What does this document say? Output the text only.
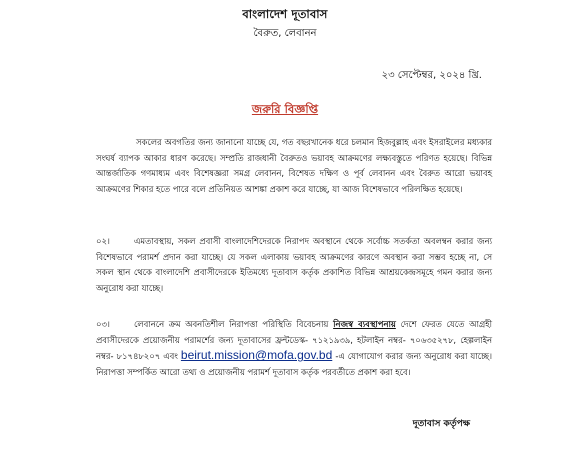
বাংলাদেশ দূতাবাস
বৈরুত, লেবানন
২৩ সেপ্টেম্বর, ২০২৪ খ্রি.
জরুরি বিজ্ঞপ্তি

সকলের অবগতির জন্য জানানো যাচ্ছে যে, গত বছরখানেক ধরে চলমান হিজবুল্লাহ এবং ইসরাইলের মধ্যকার সংঘর্ষ ব্যাপক আকার ধারণ করেছে। সম্প্রতি রাজধানী বৈরুতও ভয়াবহ আক্রমণের লক্ষ্যবস্তুতে পরিণত হয়েছে। বিভিন্ন আন্তর্জাতিক গণমাধ্যম এবং বিশেষজ্ঞরা সমগ্র লেবানন, বিশেষত দক্ষিণ ও পূর্ব লেবানন এবং বৈরুত আরো ভয়াবহ আক্রমণের শিকার হতে পারে বলে প্রতিনিয়ত আশঙ্কা প্রকাশ করে যাচ্ছে, যা আজ বিশেষভাবে পরিলক্ষিত হয়েছে।

০২।	এমতাবস্থায়, সকল প্রবাসী বাংলাদেশিদেরকে নিরাপদ অবস্থানে থেকে সর্বোচ্চ সতর্কতা অবলম্বন করার জন্য বিশেষভাবে পরামর্শ প্রদান করা যাচ্ছে। যে সকল এলাকায় ভয়াবহ আক্রমণের কারণে অবস্থান করা সম্ভব হচ্ছে না, সে সকল স্থান থেকে বাংলাদেশি প্রবাসীদেরকে ইতিমধ্যে দূতাবাস কর্তৃক প্রকাশিত বিভিন্ন আশ্রয়কেন্দ্রসমূহে গমন করার জন্য অনুরোধ করা যাচ্ছে।

০৩।	লেবাননে ক্রম অবনতিশীল নিরাপত্তা পরিস্থিতি বিবেচনায় নিজস্ব ব্যবস্থাপনায় দেশে ফেরত যেতে আগ্রহী প্রবাসীদেরকে প্রয়োজনীয় পরামর্শের জন্য দূতাবাসের ফ্রন্টডেস্ক- ৭১২১৯৩৯, হটলাইন নম্বর- ৭০৬৩৫২৭৮, হেল্পলাইন নম্বর- ৮১৭৪৮২০৭ এবং beirut.mission@mofa.gov.bd -এ যোগাযোগ করার জন্য অনুরোধ করা যাচ্ছে। নিরাপত্তা সম্পর্কিত আরো তথ্য ও প্রয়োজনীয় পরামর্শ দূতাবাস কর্তৃক পরবর্তীতে প্রকাশ করা হবে।

দূতাবাস কর্তৃপক্ষ
